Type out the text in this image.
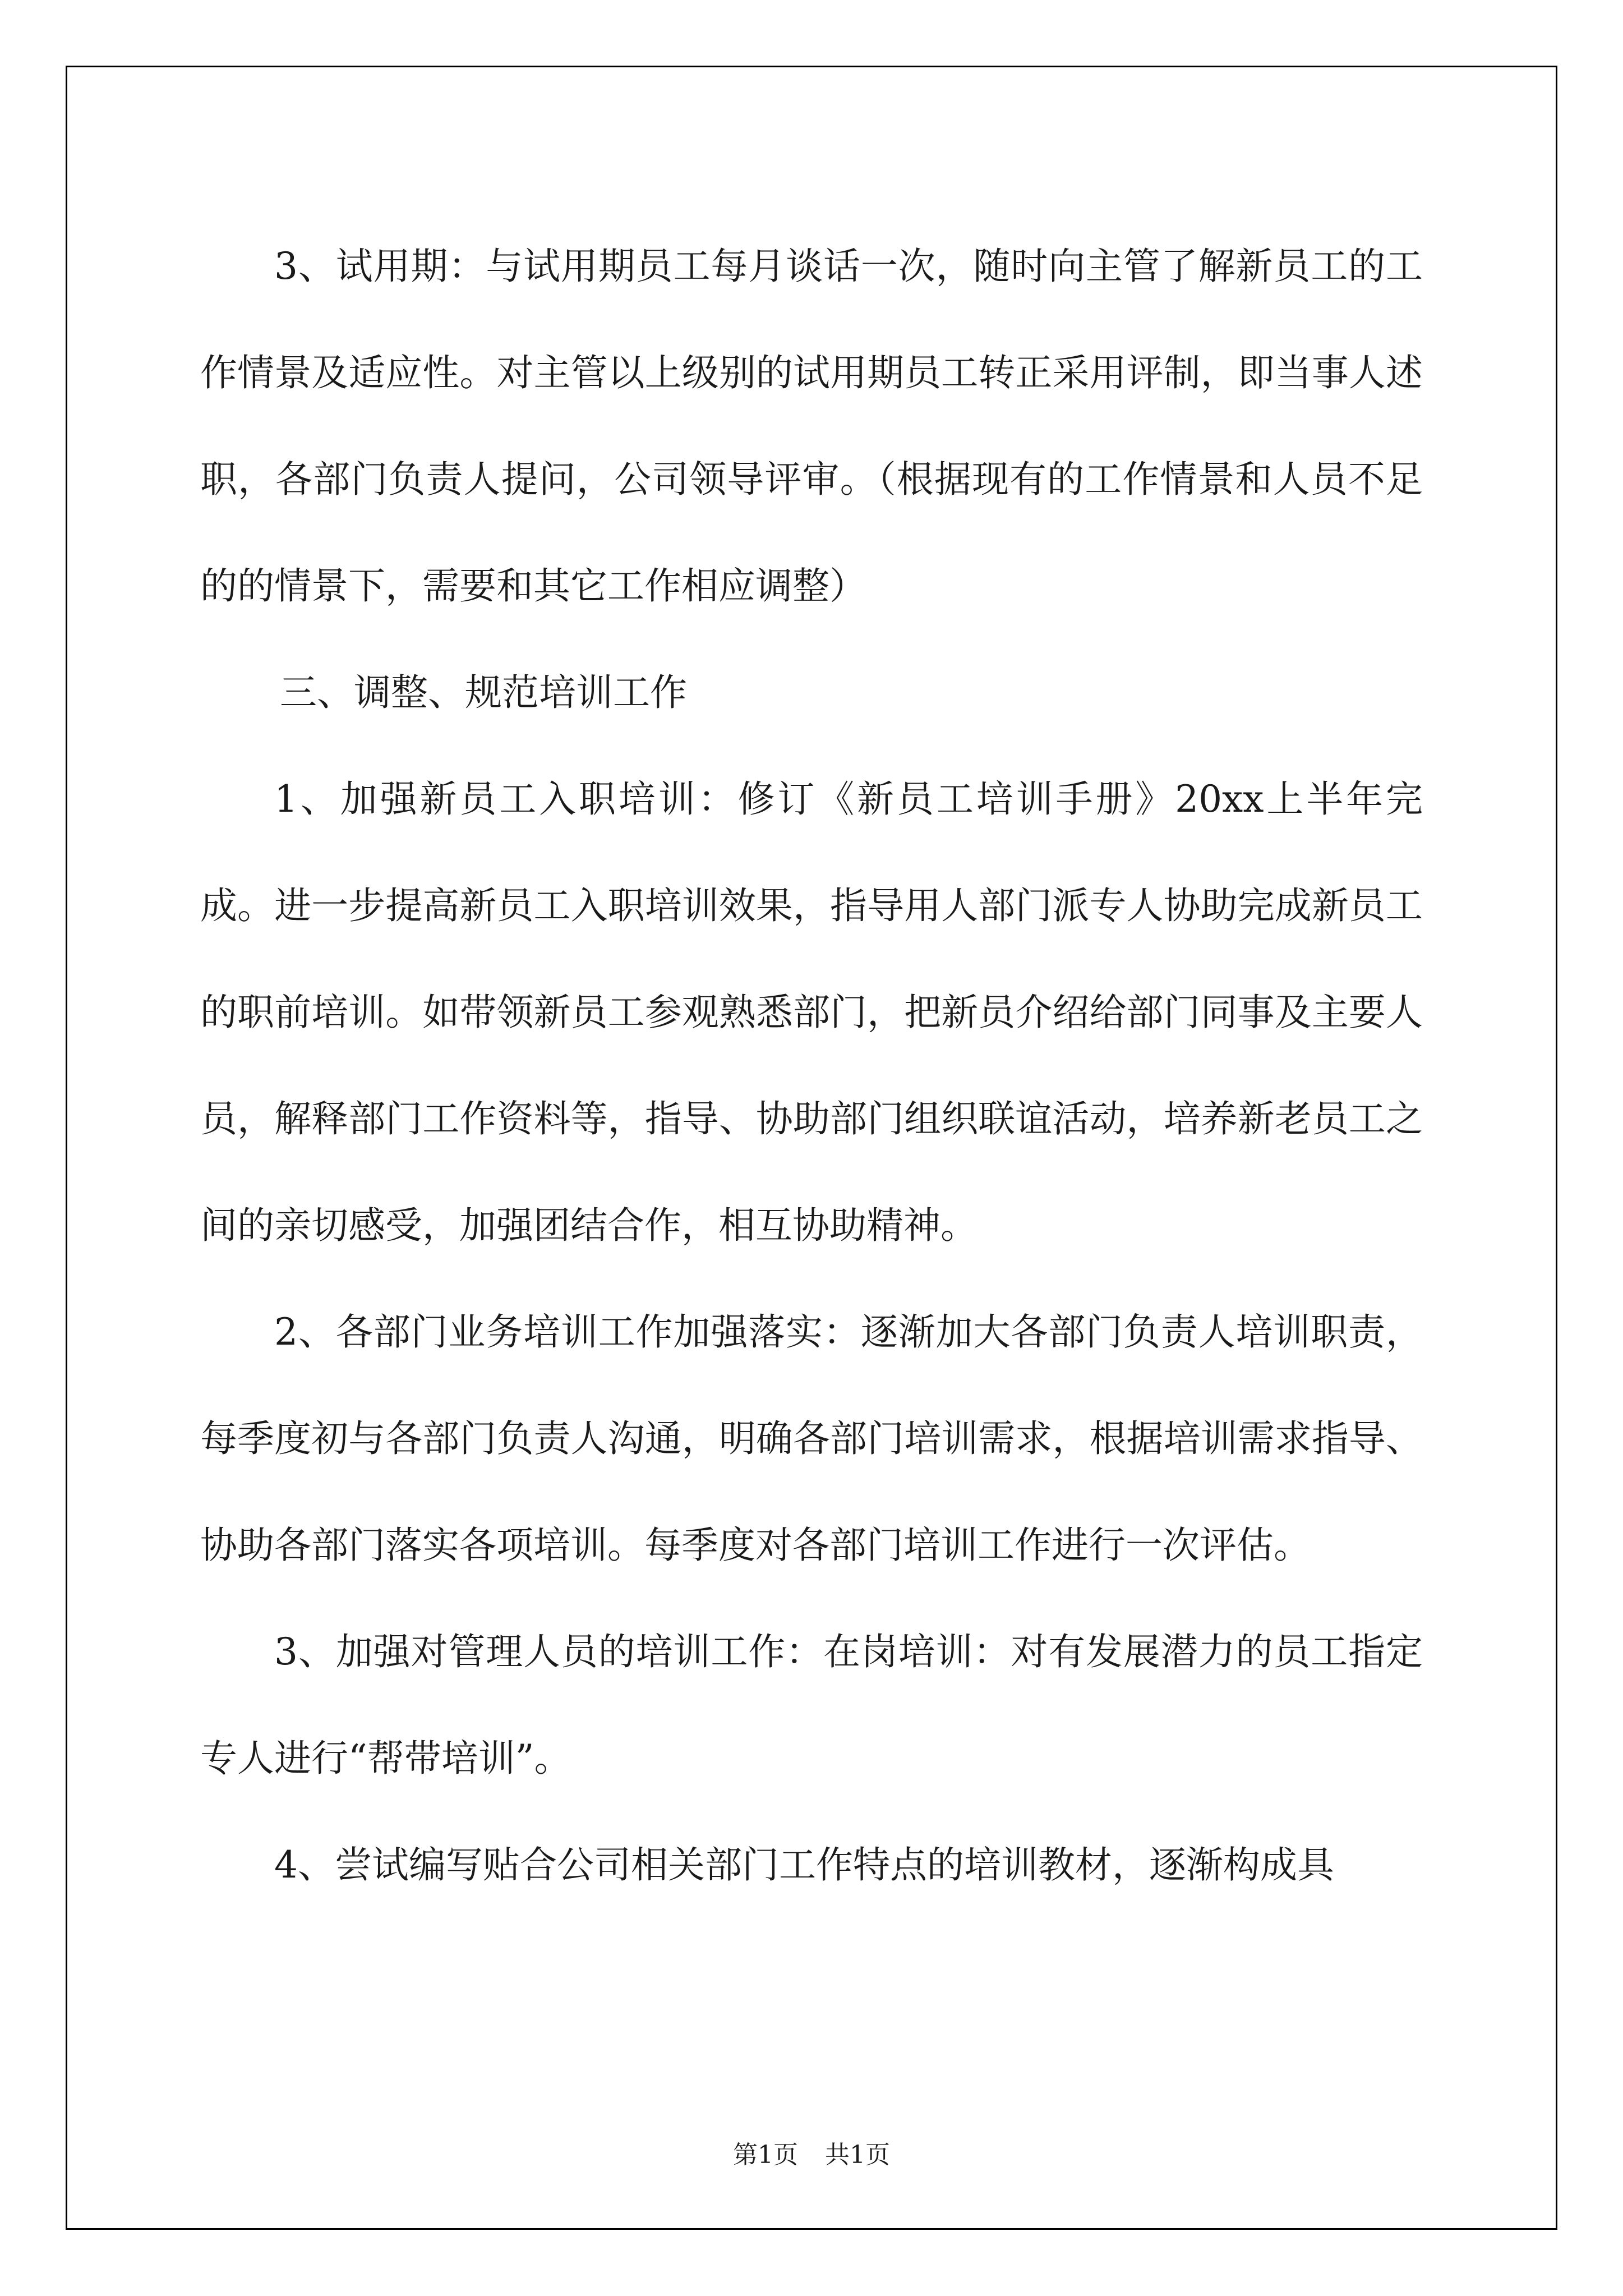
3、试用期：与试用期员工每月谈话一次，随时向主管了解新员工的工作情景及适应性。对主管以上级别的试用期员工转正采用评制，即当事人述职，各部门负责人提问，公司领导评审。（根据现有的工作情景和人员不足的的情景下，需要和其它工作相应调整）

三、调整、规范培训工作

1、加强新员工入职培训：修订《新员工培训手册》20xx上半年完成。进一步提高新员工入职培训效果，指导用人部门派专人协助完成新员工的职前培训。如带领新员工参观熟悉部门，把新员介绍给部门同事及主要人员，解释部门工作资料等，指导、协助部门组织联谊活动，培养新老员工之间的亲切感受，加强团结合作，相互协助精神。

2、各部门业务培训工作加强落实：逐渐加大各部门负责人培训职责，每季度初与各部门负责人沟通，明确各部门培训需求，根据培训需求指导、协助各部门落实各项培训。每季度对各部门培训工作进行一次评估。

3、加强对管理人员的培训工作：在岗培训：对有发展潜力的员工指定专人进行“帮带培训”。

4、尝试编写贴合公司相关部门工作特点的培训教材，逐渐构成具

第1页 共1页
